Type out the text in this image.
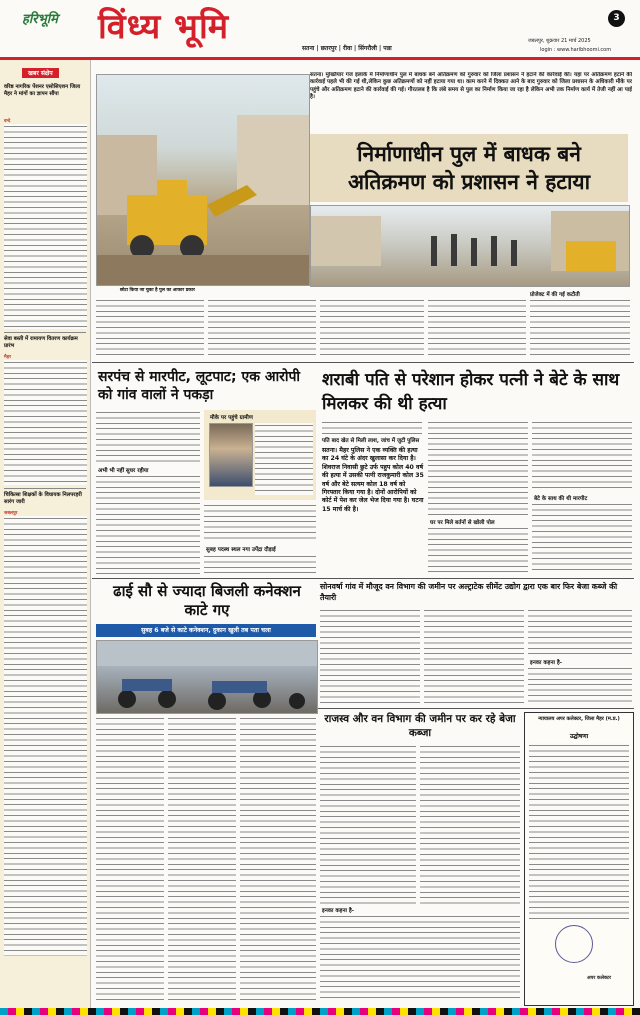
हरिभूमि विंध्य भूमि	3
सतना | छतरपुर | रीवा | सिंगरौली | पन्ना
जबलपुर, शुक्रवार 21 मार्च 2025
login : www.haribhoomi.com
खबर संक्षेप
वरिष्ठ नागरिक पेंशनर एसोसिएशन जिला मैहर ने मांगों का ज्ञापन सौंपा
वन्दे
सेवा बस्ती में रामायण वितरण कार्यक्रम प्रारंभ
मैहर
चिकित्सा शिक्षकों के विधायक निलपरहरी सारंग जारी
जबलपुर
सतना। मुख्तियार गंज इलाके में निर्माणाधीन पुल में बाधक बने अतिक्रमण को गुरुवार को जिला प्रशासन ने हटाने की कार्रवाई की। यहां पर अतिक्रमण हटाने की कार्रवाई पहले भी की गई थी,लेकिन कुछ अतिक्रमणों को नहीं हटाया गया था। काम करने में दिक्कत आने के बाद गुरुवार को जिला प्रशासन के अधिकारी मौके पर पहुंचे और अतिक्रमण हटाने की कार्रवाई की गई। गौरतलब है कि लंबे समय से पुल का निर्माण किया जा रहा है लेकिन अभी तक निर्माण कार्य में तेजी नहीं आ पाई है।
निर्माणाधीन पुल में बाधक बने अतिक्रमण को प्रशासन ने हटाया
छोटा किया जा चुका है पुल का आकार प्रकार
प्रोजेक्ट में की गई कटौती
सरपंच से मारपीट, लूटपाट; एक आरोपी को गांव वालों ने पकड़ा
अभी भी नहीं सुधर रहीया
मौके पर पहुंचे ग्रामीण
सुबह पदस्थ स्थल नगा उपेंद्रा दौड़ाई
शराबी पति से परेशान होकर पत्नी ने बेटे के साथ मिलकर की थी हत्या
पति बाद खेत से मिली लाश, जांच में जुटी पुलिस
सतना। मैहर पुलिस ने एक व्यक्ति की हत्या का 24 घंटे के अंदर खुलासा कर दिया है। शिवराज निवासी छुटे उर्फ पहुप कोल 40 वर्ष की हत्या में उसकी पत्नी राजकुमारी कोल 35 वर्ष और बेटे सत्यम कोल 18 वर्ष को गिरफ्तार किया गया है। दोनों आरोपियों को कोर्ट में पेश कर जेल भेज दिया गया है। घटना 15 मार्च की है।
घर पर मिले बर्तनों से खोली पोल
बेटे के साथ की थी मारपीट
ढाई सौ से ज्यादा बिजली कनेक्शन काटे गए
सुबह 6 बजे से काटे कनेक्शन, दुकान खुली तब पता चला
सोनवर्षा गांव में मौजूद वन विभाग की जमीन पर अल्ट्राटेक सीमेंट उद्योग द्वारा एक बार फिर बेजा कब्जे की तैयारी
इनका कहना है-
राजस्व और वन विभाग की जमीन पर कर रहे बेजा कब्जा
इनका कहना है-
न्यायालय अपर कलेक्टर, जिला मैहर (म.प्र.)
उद्घोषणा
अपर कलेक्टर
